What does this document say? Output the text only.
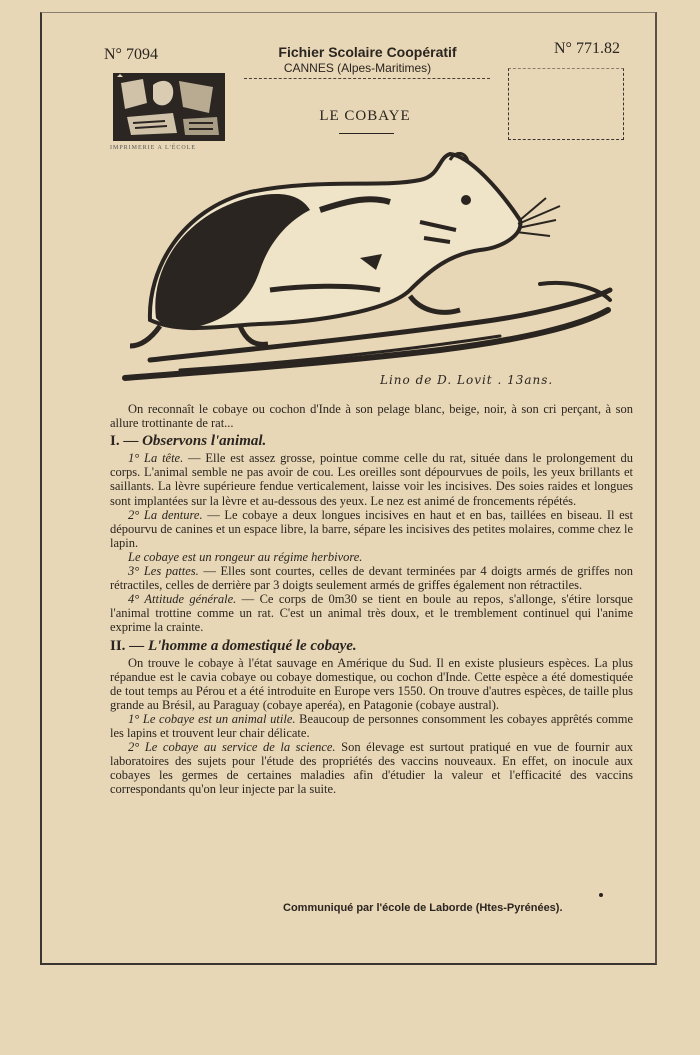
N° 7094	N° 771.82
Fichier Scolaire Coopératif
CANNES (Alpes-Maritimes)
IMPRIMERIE A L'ÉCOLE
LE COBAYE
Lino de D. Lovit . 13ans.

On reconnaît le cobaye ou cochon d'Inde à son pelage blanc, beige, noir, à son cri perçant, à son allure trottinante de rat...

I. — Observons l'animal.

1° La tête. — Elle est assez grosse, pointue comme celle du rat, située dans le prolongement du corps. L'animal semble ne pas avoir de cou. Les oreilles sont dépourvues de poils, les yeux brillants et saillants. La lèvre supérieure fendue verticalement, laisse voir les incisives. Des soies raides et longues sont implantées sur la lèvre et au-dessous des yeux. Le nez est animé de froncements répétés.

2° La denture. — Le cobaye a deux longues incisives en haut et en bas, taillées en biseau. Il est dépourvu de canines et un espace libre, la barre, sépare les incisives des petites molaires, comme chez le lapin.

Le cobaye est un rongeur au régime herbivore.

3° Les pattes. — Elles sont courtes, celles de devant terminées par 4 doigts armés de griffes non rétractiles, celles de derrière par 3 doigts seulement armés de griffes également non rétractiles.

4° Attitude générale. — Ce corps de 0m30 se tient en boule au repos, s'allonge, s'étire lorsque l'animal trottine comme un rat. C'est un animal très doux, et le tremblement continuel qui l'anime exprime la crainte.

II. — L'homme a domestiqué le cobaye.

On trouve le cobaye à l'état sauvage en Amérique du Sud. Il en existe plusieurs espèces. La plus répandue est le cavia cobaye ou cobaye domestique, ou cochon d'Inde. Cette espèce a été domestiquée de tout temps au Pérou et a été introduite en Europe vers 1550. On trouve d'autres espèces, de taille plus grande au Brésil, au Paraguay (cobaye aperéa), en Patagonie (cobaye austral).

1° Le cobaye est un animal utile. Beaucoup de personnes consomment les cobayes apprêtés comme les lapins et trouvent leur chair délicate.

2° Le cobaye au service de la science. Son élevage est surtout pratiqué en vue de fournir aux laboratoires des sujets pour l'étude des propriétés des vaccins nouveaux. En effet, on inocule aux cobayes les germes de certaines maladies afin d'étudier la valeur et l'efficacité des vaccins correspondants qu'on leur injecte par la suite.

Communiqué par l'école de Laborde (Htes-Pyrénées).
